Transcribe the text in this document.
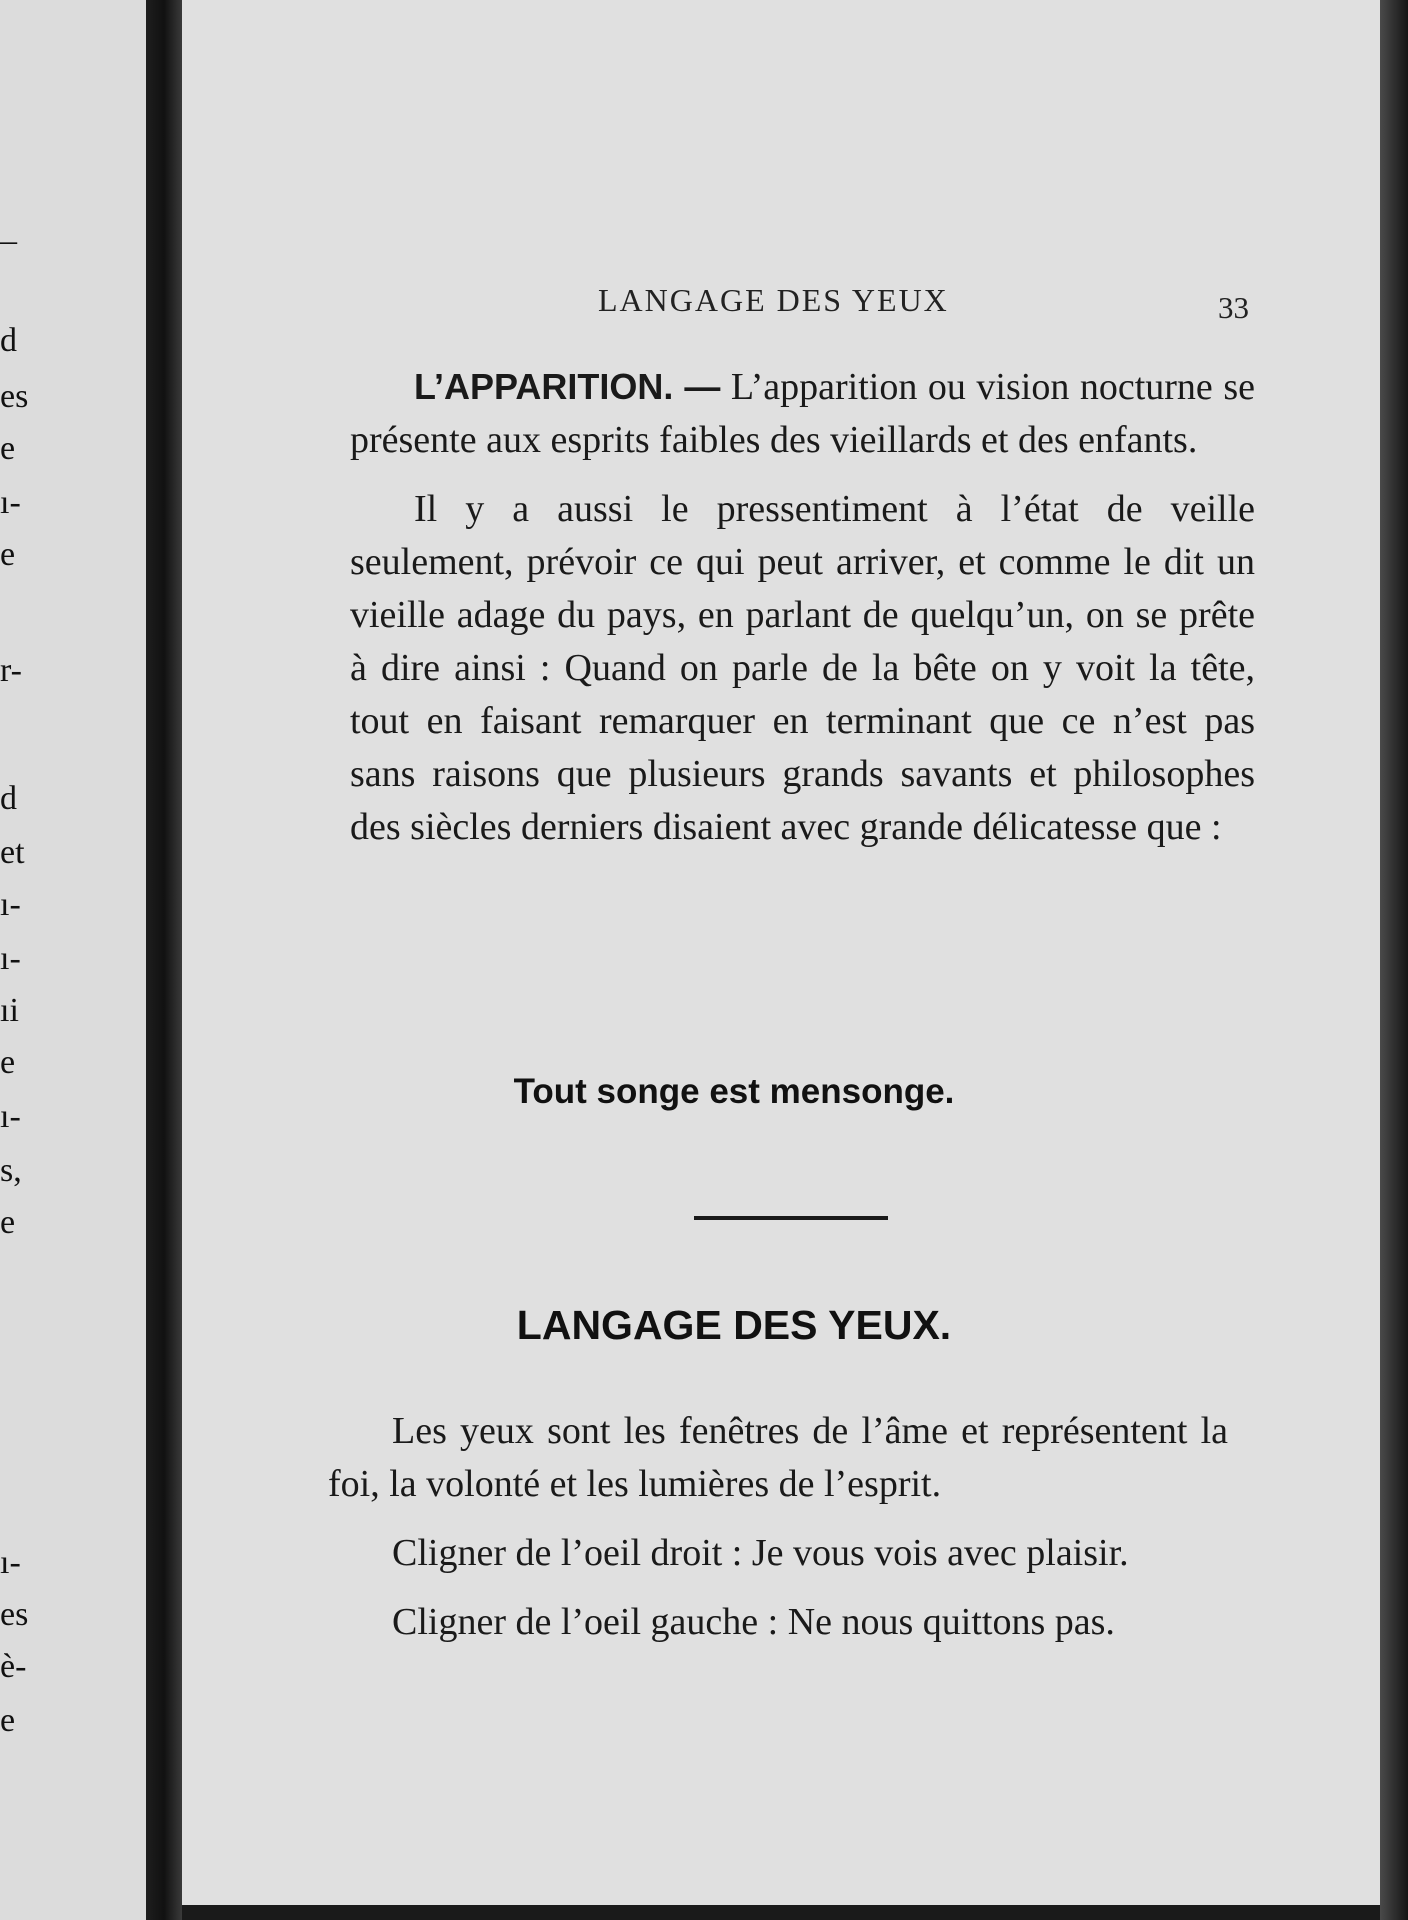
–
d
es
e
ı-
e
r-
d
et
ı-
ı-
ıi
e
ı-
s,
e
ı-
es
è-
e
LANGAGE DES YEUX	33

L’APPARITION. — L’apparition ou vision nocturne se présente aux esprits faibles des vieillards et des enfants.

Il y a aussi le pressentiment à l’état de veille seulement, prévoir ce qui peut arriver, et comme le dit un vieille adage du pays, en parlant de quelqu’un, on se prête à dire ainsi : Quand on parle de la bête on y voit la tête, tout en faisant remarquer en terminant que ce n’est pas sans raisons que plusieurs grands savants et philosophes des siècles derniers disaient avec grande délicatesse que :

Tout songe est mensonge.
LANGAGE DES YEUX.

Les yeux sont les fenêtres de l’âme et représentent la foi, la volonté et les lumières de l’esprit.

Cligner de l’oeil droit : Je vous vois avec plaisir.

Cligner de l’oeil gauche : Ne nous quittons pas.
